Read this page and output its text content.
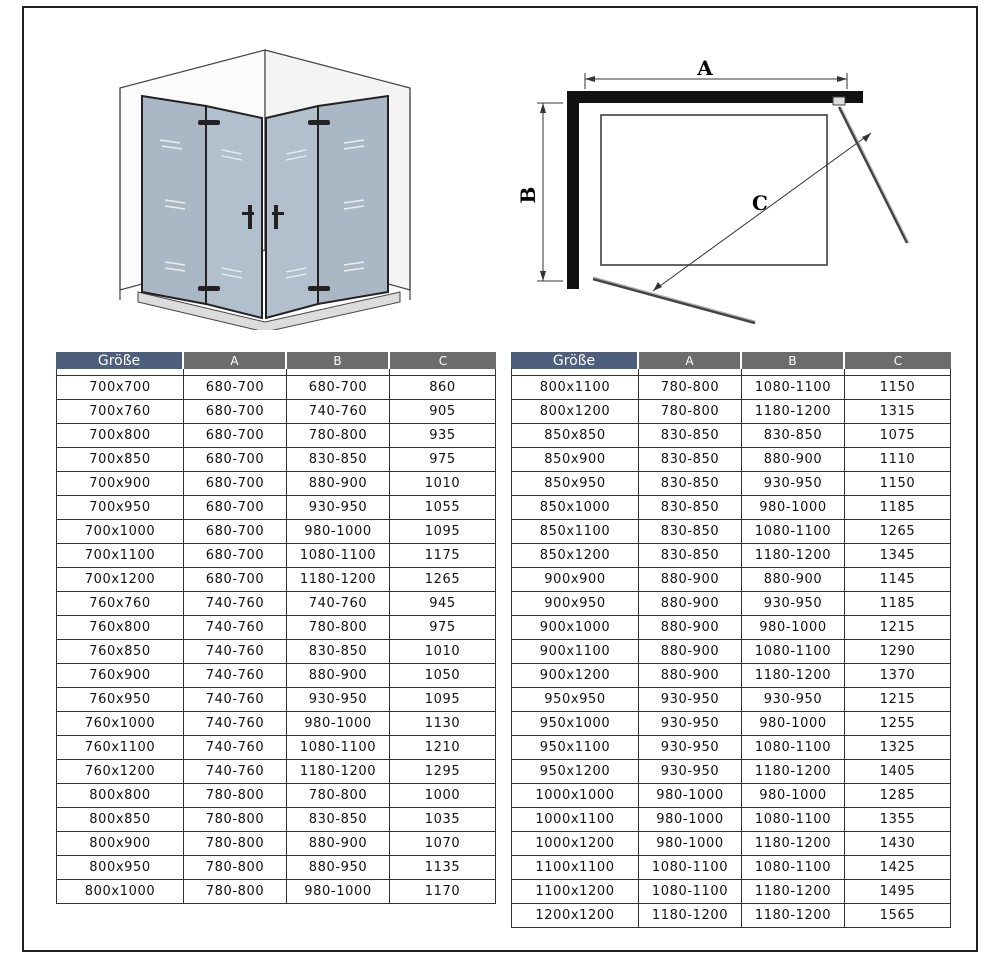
A
B	C
Größe	A	B	C

700x700	680-700	680-700	860
700x760	680-700	740-760	905
700x800	680-700	780-800	935
700x850	680-700	830-850	975
700x900	680-700	880-900	1010
700x950	680-700	930-950	1055
700x1000	680-700	980-1000	1095
700x1100	680-700	1080-1100	1175
700x1200	680-700	1180-1200	1265
760x760	740-760	740-760	945
760x800	740-760	780-800	975
760x850	740-760	830-850	1010
760x900	740-760	880-900	1050
760x950	740-760	930-950	1095
760x1000	740-760	980-1000	1130
760x1100	740-760	1080-1100	1210
760x1200	740-760	1180-1200	1295
800x800	780-800	780-800	1000
800x850	780-800	830-850	1035
800x900	780-800	880-900	1070
800x950	780-800	880-950	1135
800x1000	780-800	980-1000	1170
Größe	A	B	C

800x1100	780-800	1080-1100	1150
800x1200	780-800	1180-1200	1315
850x850	830-850	830-850	1075
850x900	830-850	880-900	1110
850x950	830-850	930-950	1150
850x1000	830-850	980-1000	1185
850x1100	830-850	1080-1100	1265
850x1200	830-850	1180-1200	1345
900x900	880-900	880-900	1145
900x950	880-900	930-950	1185
900x1000	880-900	980-1000	1215
900x1100	880-900	1080-1100	1290
900x1200	880-900	1180-1200	1370
950x950	930-950	930-950	1215
950x1000	930-950	980-1000	1255
950x1100	930-950	1080-1100	1325
950x1200	930-950	1180-1200	1405
1000x1000	980-1000	980-1000	1285
1000x1100	980-1000	1080-1100	1355
1000x1200	980-1000	1180-1200	1430
1100x1100	1080-1100	1080-1100	1425
1100x1200	1080-1100	1180-1200	1495
1200x1200	1180-1200	1180-1200	1565
